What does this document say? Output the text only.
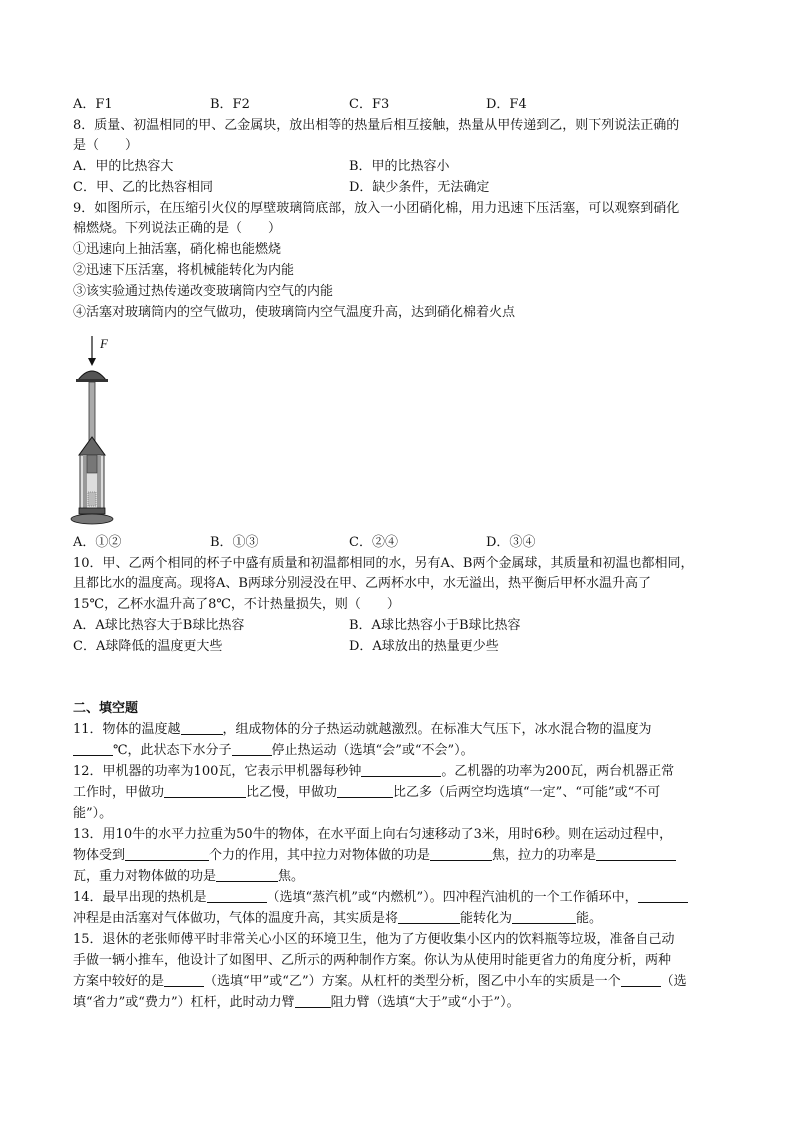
A．F1	B．F2	C．F3	D．F4
8．质量、初温相同的甲、乙金属块，放出相等的热量后相互接触，热量从甲传递到乙，则下列说法正确的
是（　　）
A．甲的比热容大	B．甲的比热容小
C．甲、乙的比热容相同	D．缺少条件，无法确定
9．如图所示，在压缩引火仪的厚壁玻璃筒底部，放入一小团硝化棉，用力迅速下压活塞，可以观察到硝化
棉燃烧。下列说法正确的是（　　）
①迅速向上抽活塞，硝化棉也能燃烧
②迅速下压活塞，将机械能转化为内能
③该实验通过热传递改变玻璃筒内空气的内能
④活塞对玻璃筒内的空气做功，使玻璃筒内空气温度升高，达到硝化棉着火点
F
A．①②	B．①③	C．②④	D．③④
10．甲、乙两个相同的杯子中盛有质量和初温都相同的水，另有A、B两个金属球，其质量和初温也都相同，
且都比水的温度高。现将A、B两球分别浸没在甲、乙两杯水中，水无溢出，热平衡后甲杯水温升高了
15℃，乙杯水温升高了8℃，不计热量损失，则（　　）
A．A球比热容大于B球比热容	B．A球比热容小于B球比热容
C．A球降低的温度更大些	D．A球放出的热量更少些
二、填空题
11．物体的温度越	，组成物体的分子热运动就越激烈。在标准大气压下，冰水混合物的温度为
℃，此状态下水分子	停止热运动（选填“会”或“不会”）。
12．甲机器的功率为100瓦，它表示甲机器每秒钟	。乙机器的功率为200瓦，两台机器正常
工作时，甲做功	比乙慢，甲做功	比乙多（后两空均选填“一定”、“可能”或“不可
能”）。
13．用10牛的水平力拉重为50牛的物体，在水平面上向右匀速移动了3米，用时6秒。则在运动过程中，
物体受到	个力的作用，其中拉力对物体做的功是	焦，拉力的功率是
瓦，重力对物体做的功是	焦。
14．最早出现的热机是	（选填“蒸汽机”或“内燃机”）。四冲程汽油机的一个工作循环中，
冲程是由活塞对气体做功，气体的温度升高，其实质是将	能转化为	能。
15．退休的老张师傅平时非常关心小区的环境卫生，他为了方便收集小区内的饮料瓶等垃圾，准备自己动
手做一辆小推车，他设计了如图甲、乙所示的两种制作方案。你认为从使用时能更省力的角度分析，两种
方案中较好的是	（选填“甲”或“乙”）方案。从杠杆的类型分析，图乙中小车的实质是一个	（选
填“省力”或“费力”）杠杆，此时动力臂	阻力臂（选填“大于”或“小于”）。
